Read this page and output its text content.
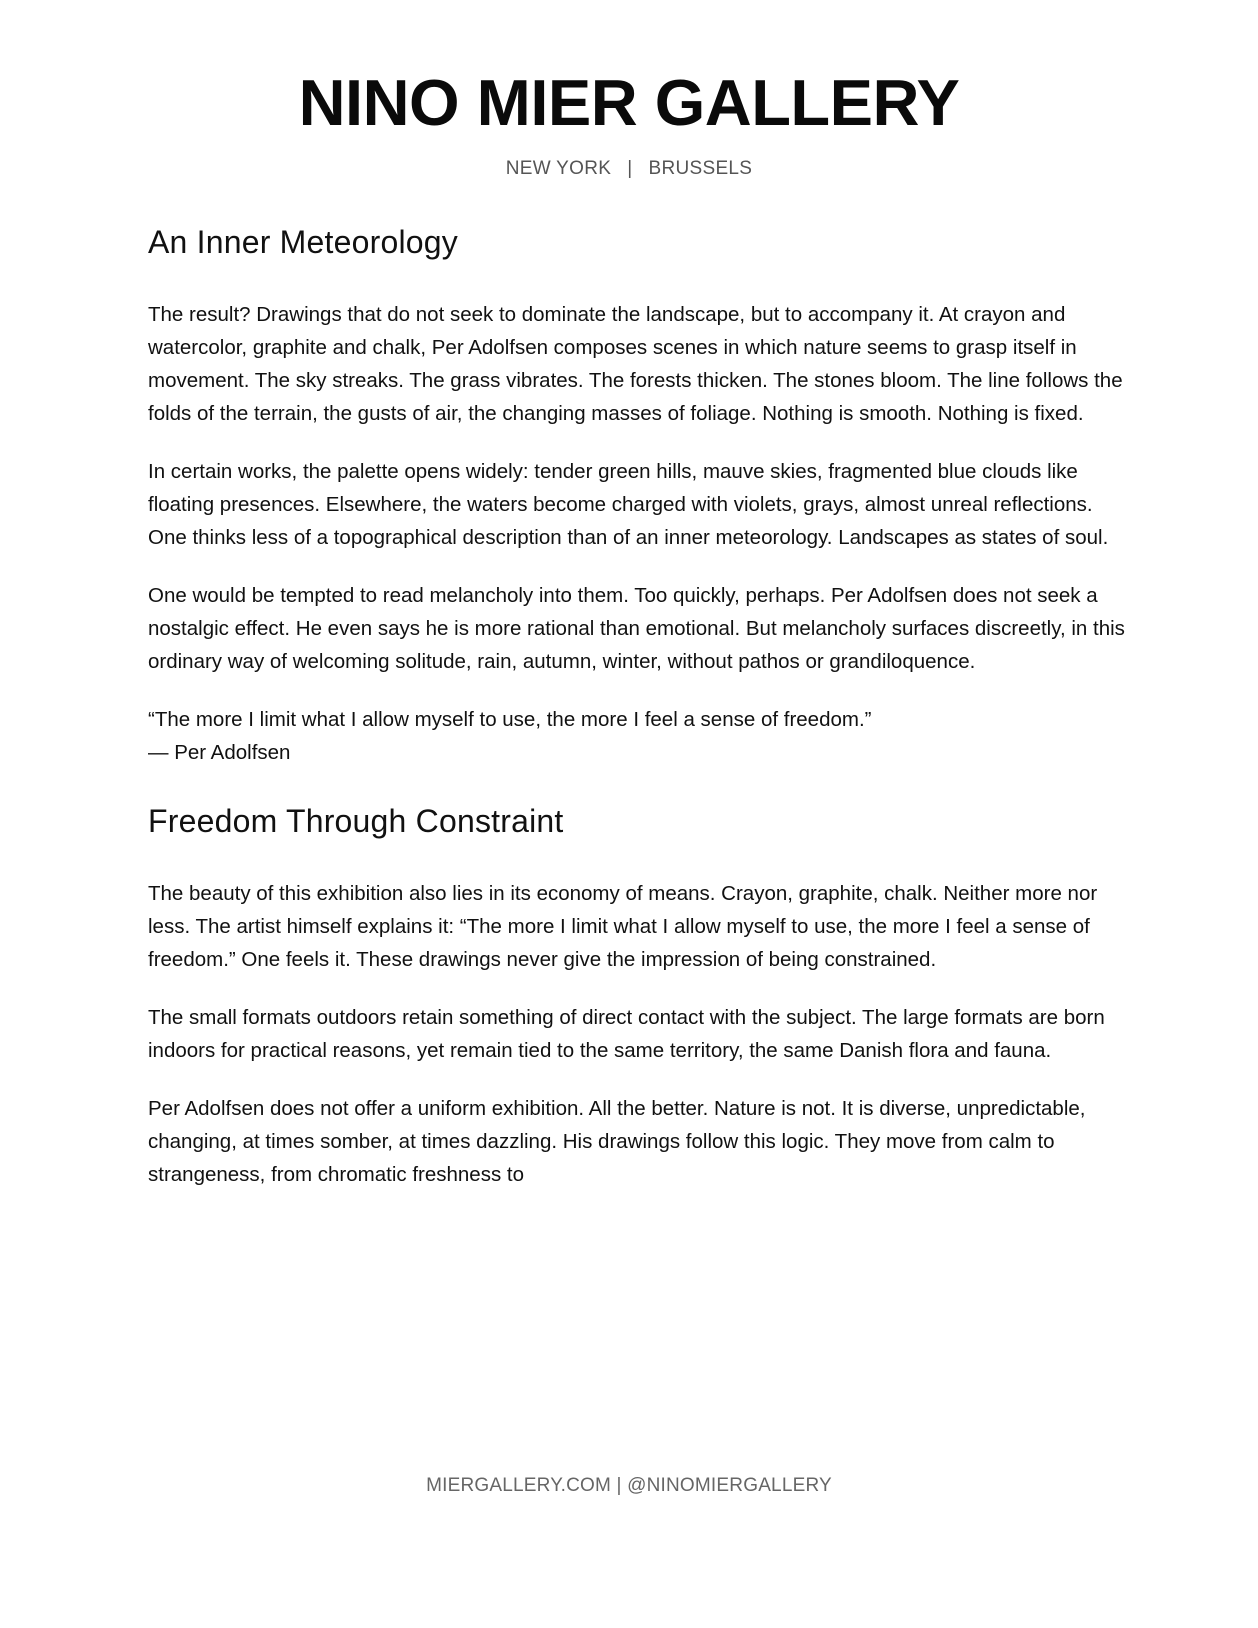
NINO MIER GALLERY
NEW YORK | BRUSSELS
An Inner Meteorology

The result? Drawings that do not seek to dominate the landscape, but to accompany it. At crayon and watercolor, graphite and chalk, Per Adolfsen composes scenes in which nature seems to grasp itself in movement. The sky streaks. The grass vibrates. The forests thicken. The stones bloom. The line follows the folds of the terrain, the gusts of air, the changing masses of foliage. Nothing is smooth. Nothing is fixed.

In certain works, the palette opens widely: tender green hills, mauve skies, fragmented blue clouds like floating presences. Elsewhere, the waters become charged with violets, grays, almost unreal reflections. One thinks less of a topographical description than of an inner meteorology. Landscapes as states of soul.

One would be tempted to read melancholy into them. Too quickly, perhaps. Per Adolfsen does not seek a nostalgic effect. He even says he is more rational than emotional. But melancholy surfaces discreetly, in this ordinary way of welcoming solitude, rain, autumn, winter, without pathos or grandiloquence.

“The more I limit what I allow myself to use, the more I feel a sense of freedom.”
— Per Adolfsen

Freedom Through Constraint

The beauty of this exhibition also lies in its economy of means. Crayon, graphite, chalk. Neither more nor less. The artist himself explains it: “The more I limit what I allow myself to use, the more I feel a sense of freedom.” One feels it. These drawings never give the impression of being constrained.

The small formats outdoors retain something of direct contact with the subject. The large formats are born indoors for practical reasons, yet remain tied to the same territory, the same Danish flora and fauna.

Per Adolfsen does not offer a uniform exhibition. All the better. Nature is not. It is diverse, unpredictable, changing, at times somber, at times dazzling. His drawings follow this logic. They move from calm to strangeness, from chromatic freshness to

MIERGALLERY.COM | @NINOMIERGALLERY
